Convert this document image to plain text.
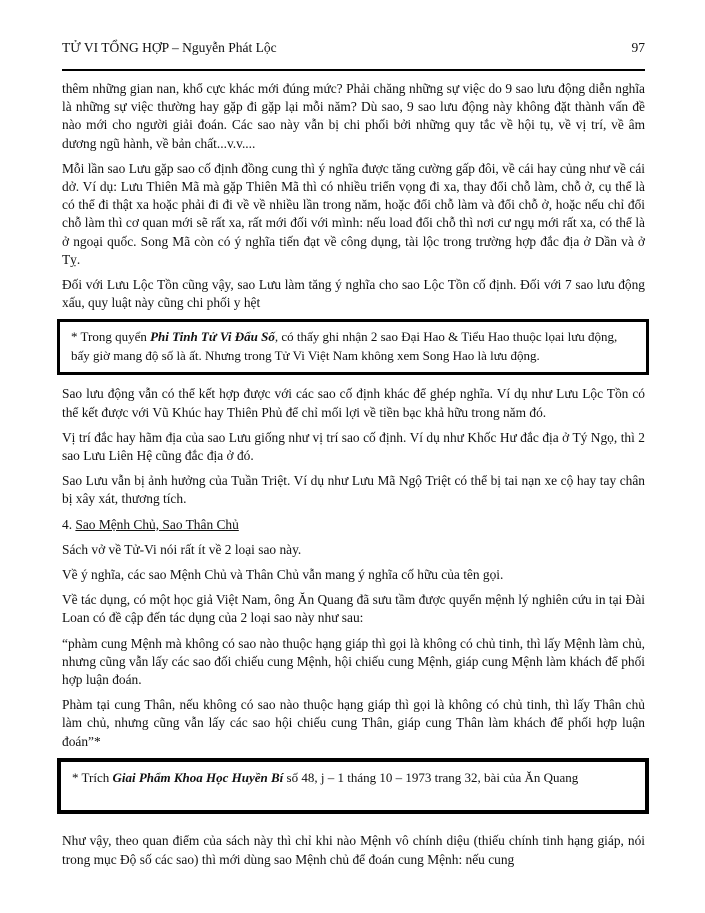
TỬ VI TỔNG HỢP – Nguyễn Phát Lộc	97

thêm những gian nan, khổ cực khác mới đúng mức? Phải chăng những sự việc do 9 sao lưu động diễn nghĩa là những sự việc thường hay gặp đi gặp lại mỗi năm? Dù sao, 9 sao lưu động này không đặt thành vấn đề nào mới cho người giải đoán. Các sao này vẫn bị chi phối bởi những quy tắc về hội tụ, về vị trí, về âm dương ngũ hành, về bản chất...v.v....

Mỗi lần sao Lưu gặp sao cố định đồng cung thì ý nghĩa được tăng cường gấp đôi, về cái hay củng như về cái dở. Ví dụ: Lưu Thiên Mã mà gặp Thiên Mã thì có nhiều triển vọng đi xa, thay đổi chỗ làm, chỗ ở, cụ thể là có thể đi thật xa hoặc phải đi đi về về nhiều lần trong năm, hoặc đổi chỗ làm và đổi chỗ ở, hoặc nếu chỉ đổi chỗ làm thì cơ quan mới sẽ rất xa, rất mới đối với mình: nếu load đổi chỗ thì nơi cư ngụ mới rất xa, có thể là ở ngoại quốc. Song Mã còn có ý nghĩa tiến đạt về công dụng, tài lộc trong trường hợp đắc địa ở Dần và ở Tỵ.

Đối với Lưu Lộc Tồn cũng vậy, sao Lưu làm tăng ý nghĩa cho sao Lộc Tồn cố định. Đối với 7 sao lưu động xấu, quy luật này cũng chi phối y hệt

* Trong quyển Phi Tinh Tử Vi Đẩu Số, có thấy ghi nhận 2 sao Đại Hao & Tiểu Hao thuộc lọai lưu động, bấy giờ mang độ số là ất. Nhưng trong Tử Vi Việt Nam không xem Song Hao là lưu động.

Sao lưu động vẫn có thể kết hợp được với các sao cố định khác để ghép nghĩa. Ví dụ như Lưu Lộc Tồn có thể kết được với Vũ Khúc hay Thiên Phủ để chỉ mối lợi về tiền bạc khả hữu trong năm đó.

Vị trí đắc hay hãm địa của sao Lưu giống như vị trí sao cố định. Ví dụ như Khốc Hư đắc địa ở Tý Ngọ, thì 2 sao Lưu Liên Hệ cũng đắc địa ở đó.

Sao Lưu vẫn bị ảnh hưởng của Tuần Triệt. Ví dụ như Lưu Mã Ngộ Triệt có thể bị tai nạn xe cộ hay tay chân bị xây xát, thương tích.

4. Sao Mệnh Chủ, Sao Thân Chủ

Sách vở về Tử-Vi nói rất ít về 2 loại sao này.

Về ý nghĩa, các sao Mệnh Chủ và Thân Chủ vẫn mang ý nghĩa cố hữu của tên gọi.

Về tác dụng, có một học giả Việt Nam, ông Ăn Quang đã sưu tầm được quyển mệnh lý nghiên cứu in tại Đài Loan có đề cập đến tác dụng của 2 loại sao này như sau:

“phàm cung Mệnh mà không có sao nào thuộc hạng giáp thì gọi là không có chủ tinh, thì lấy Mệnh làm chủ, nhưng cũng vẫn lấy các sao đối chiếu cung Mệnh, hội chiếu cung Mệnh, giáp cung Mệnh làm khách để phối hợp luận đoán.

Phàm tại cung Thân, nếu không có sao nào thuộc hạng giáp thì gọi là không có chủ tinh, thì lấy Thân chủ làm chủ, nhưng cũng vẫn lấy các sao hội chiếu cung Thân, giáp cung Thân làm khách để phối hợp luận đoán”*

* Trích Giai Phẩm Khoa Học Huyền Bí số 48, j – 1 tháng 10 – 1973 trang 32, bài của Ăn Quang

Như vậy, theo quan điểm của sách này thì chỉ khi nào Mệnh vô chính diệu (thiếu chính tinh hạng giáp, nói trong mục Độ số các sao) thì mới dùng sao Mệnh chủ để đoán cung Mệnh: nếu cung
